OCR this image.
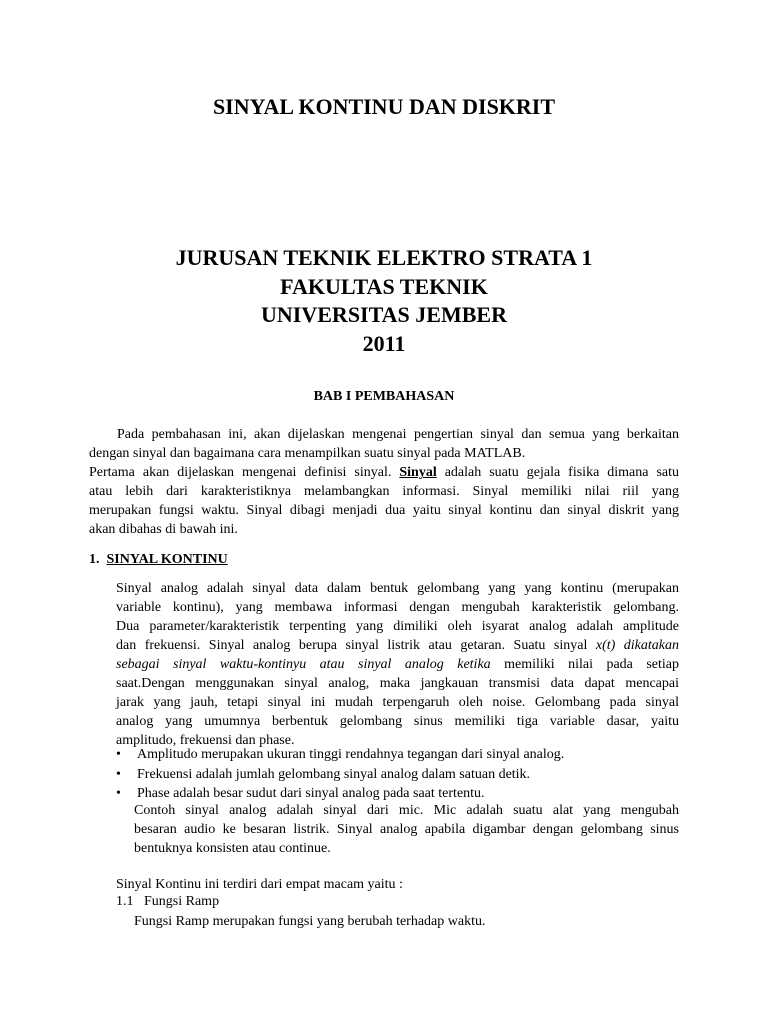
SINYAL KONTINU DAN DISKRIT
JURUSAN TEKNIK ELEKTRO STRATA 1
FAKULTAS TEKNIK
UNIVERSITAS JEMBER
2011
BAB I PEMBAHASAN
Pada pembahasan ini, akan dijelaskan mengenai pengertian sinyal dan semua yang berkaitan
dengan sinyal dan bagaimana cara menampilkan suatu sinyal pada MATLAB.
Pertama akan dijelaskan mengenai definisi sinyal. Sinyal adalah suatu gejala fisika dimana satu
atau lebih dari karakteristiknya melambangkan informasi. Sinyal memiliki nilai riil yang
merupakan fungsi waktu. Sinyal dibagi menjadi dua yaitu sinyal kontinu dan sinyal diskrit yang
akan dibahas di bawah ini.
1. SINYAL KONTINU
Sinyal analog adalah sinyal data dalam bentuk gelombang yang yang kontinu (merupakan
variable kontinu), yang membawa informasi dengan mengubah karakteristik gelombang.
Dua parameter/karakteristik terpenting yang dimiliki oleh isyarat analog adalah amplitude
dan frekuensi. Sinyal analog berupa sinyal listrik atau getaran. Suatu sinyal x(t) dikatakan
sebagai sinyal waktu-kontinyu atau sinyal analog ketika memiliki nilai pada setiap
saat.Dengan menggunakan sinyal analog, maka jangkauan transmisi data dapat mencapai
jarak yang jauh, tetapi sinyal ini mudah terpengaruh oleh noise. Gelombang pada sinyal
analog yang umumnya berbentuk gelombang sinus memiliki tiga variable dasar, yaitu
amplitudo, frekuensi dan phase.
•	Amplitudo merupakan ukuran tinggi rendahnya tegangan dari sinyal analog.
•	Frekuensi adalah jumlah gelombang sinyal analog dalam satuan detik.
•	Phase adalah besar sudut dari sinyal analog pada saat tertentu.
Contoh sinyal analog adalah sinyal dari mic. Mic adalah suatu alat yang mengubah
besaran audio ke besaran listrik. Sinyal analog apabila digambar dengan gelombang sinus
bentuknya konsisten atau continue.
Sinyal Kontinu ini terdiri dari empat macam yaitu :
1.1 Fungsi Ramp
Fungsi Ramp merupakan fungsi yang berubah terhadap waktu.
